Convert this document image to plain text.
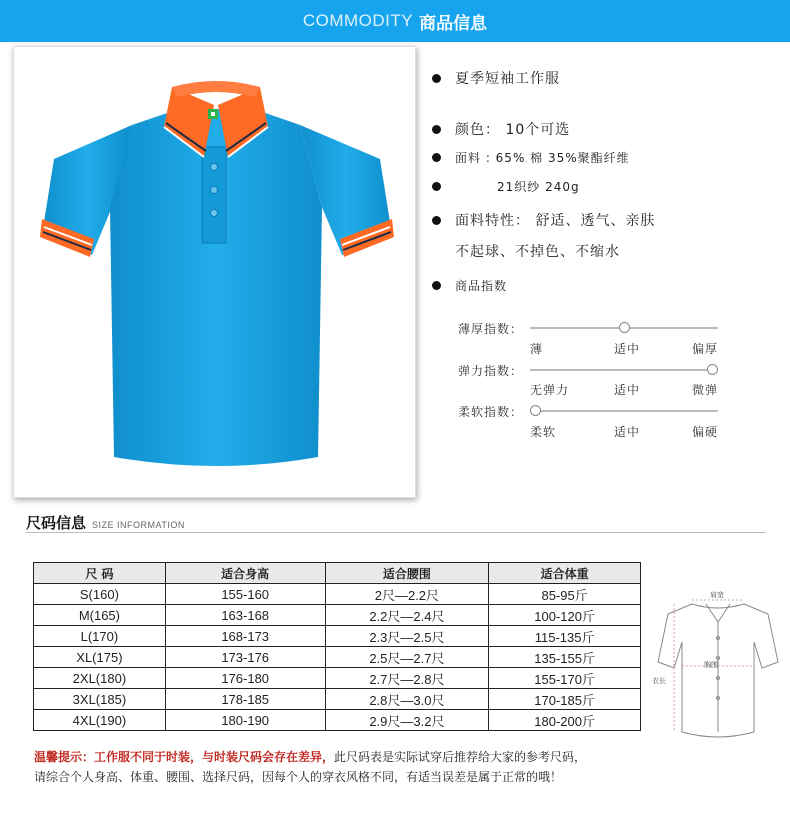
COMMODITY 商品信息
夏季短袖工作服
颜色： 10个可选
面料 : 65% 棉 35%聚酯纤维
21织纱 240g
面料特性： 舒适、透气、亲肤
不起球、不掉色、不缩水
商品指数
薄厚指数：
薄	适中	偏厚
弹力指数：
无弹力	适中	微弹
柔软指数：
柔软	适中	偏硬
尺码信息 SIZE INFORMATION
尺 码	适合身高	适合腰围	适合体重
S(160)	155-160	2尺—2.2尺	85-95斤
M(165)	163-168	2.2尺—2.4尺	100-120斤
L(170)	168-173	2.3尺—2.5尺	115-135斤
XL(175)	173-176	2.5尺—2.7尺	135-155斤
2XL(180)	176-180	2.7尺—2.8尺	155-170斤
3XL(185)	178-185	2.8尺—3.0尺	170-185斤
4XL(190)	180-190	2.9尺—3.2尺	180-200斤
肩宽
胸围
衣长
温馨提示：工作服不同于时装，与时装尺码会存在差异，此尺码表是实际试穿后推荐给大家的参考尺码，
请综合个人身高、体重、腰围、选择尺码，因每个人的穿衣风格不同，有适当误差是属于正常的哦！
